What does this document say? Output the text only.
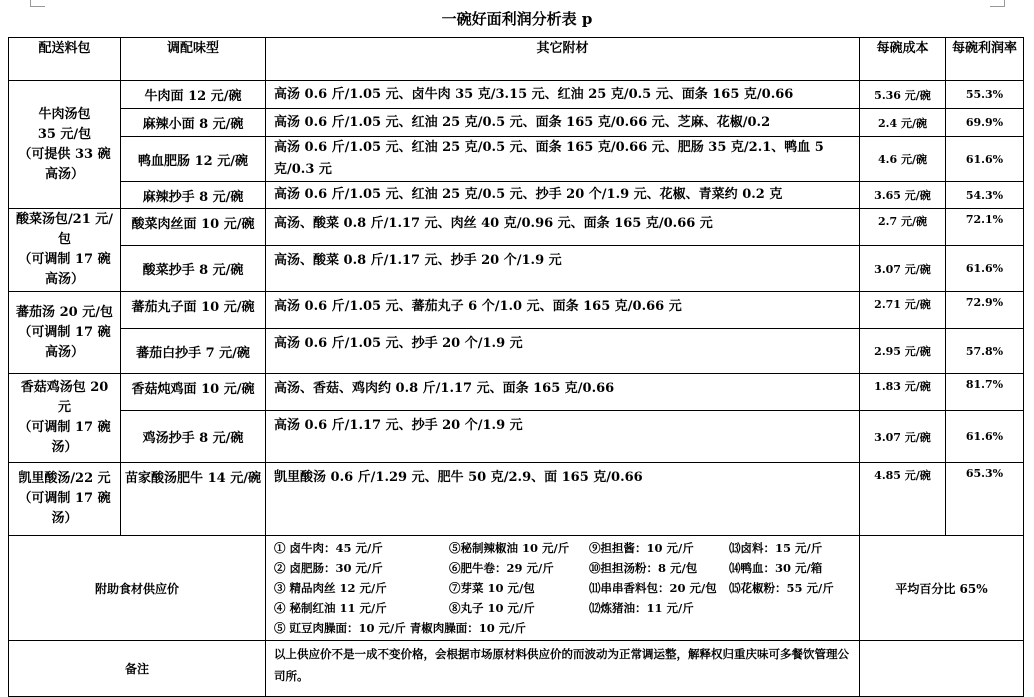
一碗好面利润分析表 p
配送料包	调配味型	其它附材	每碗成本	每碗利润率

牛肉汤包
35 元/包
（可提供 33 碗高汤）	牛肉面 12 元/碗	高汤 0.6 斤/1.05 元、卤牛肉 35 克/3.15 元、红油 25 克/0.5 元、面条 165 克/0.66	5.36 元/碗	55.3%
	麻辣小面 8 元/碗	高汤 0.6 斤/1.05 元、红油 25 克/0.5 元、面条 165 克/0.66 元、芝麻、花椒/0.2	2.4 元/碗	69.9%
	鸭血肥肠 12 元/碗	高汤 0.6 斤/1.05 元、红油 25 克/0.5 元、面条 165 克/0.66 元、肥肠 35 克/2.1、鸭血 5 克/0.3 元	4.6 元/碗	61.6%
	麻辣抄手 8 元/碗	高汤 0.6 斤/1.05 元、红油 25 克/0.5 元、抄手 20 个/1.9 元、花椒、青菜约 0.2 克	3.65 元/碗	54.3%

酸菜汤包/21 元/包
（可调制 17 碗高汤）	酸菜肉丝面 10 元/碗	高汤、酸菜 0.8 斤/1.17 元、肉丝 40 克/0.96 元、面条 165 克/0.66 元	2.7 元/碗	72.1%
	酸菜抄手 8 元/碗	高汤、酸菜 0.8 斤/1.17 元、抄手 20 个/1.9 元	3.07 元/碗	61.6%

蕃茄汤 20 元/包
（可调制 17 碗高汤）	蕃茄丸子面 10 元/碗	高汤 0.6 斤/1.05 元、蕃茄丸子 6 个/1.0 元、面条 165 克/0.66 元	2.71 元/碗	72.9%
	蕃茄白抄手 7 元/碗	高汤 0.6 斤/1.05 元、抄手 20 个/1.9 元	2.95 元/碗	57.8%

香菇鸡汤包 20 元
（可调制 17 碗汤）	香菇炖鸡面 10 元/碗	高汤、香菇、鸡肉约 0.8 斤/1.17 元、面条 165 克/0.66	1.83 元/碗	81.7%
	鸡汤抄手 8 元/碗	高汤 0.6 斤/1.17 元、抄手 20 个/1.9 元	3.07 元/碗	61.6%

凯里酸汤/22 元
（可调制 17 碗汤）	苗家酸汤肥牛 14 元/碗	凯里酸汤 0.6 斤/1.29 元、肥牛 50 克/2.9、面 165 克/0.66	4.85 元/碗	65.3%
附助食材供应价		① 卤牛肉：45 元/斤 ⑤秘制辣椒油 10 元/斤 ⑨担担酱：10 元/斤 ⒀卤料：15 元/斤
② 卤肥肠：30 元/斤 ⑥肥牛卷：29 元/斤 ⑩担担汤粉：8 元/包 ⒁鸭血：30 元/箱
③ 精品肉丝 12 元/斤 ⑦芽菜 10 元/包 ⑾串串香料包：20 元/包 ⒂花椒粉：55 元/斤
④ 秘制红油 11 元/斤 ⑧丸子 10 元/斤 ⑿炼猪油：11 元/斤
⑤ 豇豆肉臊面：10 元/斤 青椒肉臊面：10 元/斤	平均百分比 65%	
备注		以上供应价不是一成不变价格，会根据市场原材料供应价的而波动为正常调运整，解释权归重庆味可多餐饮管理公司所。		
